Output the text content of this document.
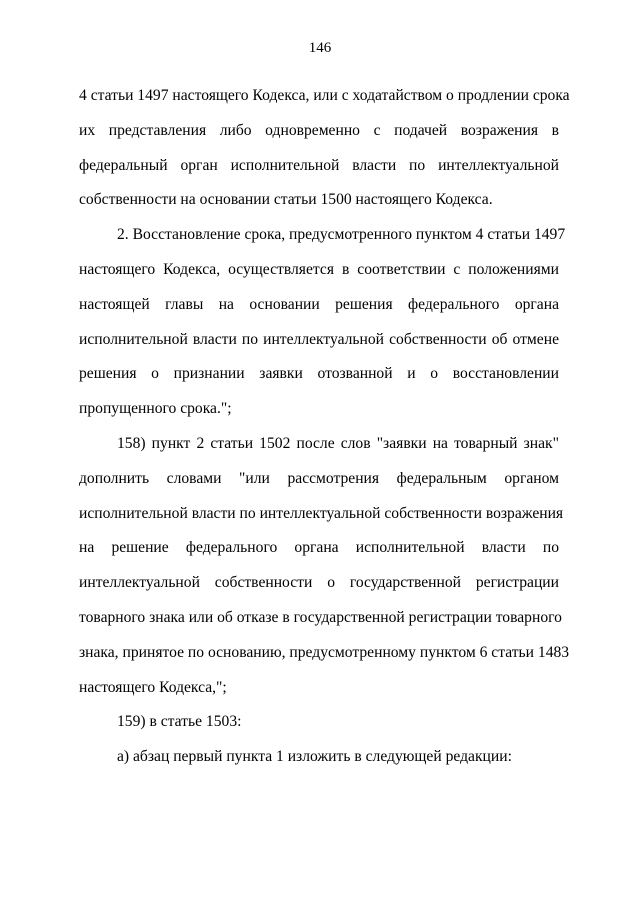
146
4 статьи 1497 настоящего Кодекса, или с ходатайством о продлении срока
их представления либо одновременно с подачей возражения в
федеральный орган исполнительной власти по интеллектуальной
собственности на основании статьи 1500 настоящего Кодекса.
2. Восстановление срока, предусмотренного пунктом 4 статьи 1497
настоящего Кодекса, осуществляется в соответствии с положениями
настоящей главы на основании решения федерального органа
исполнительной власти по интеллектуальной собственности об отмене
решения о признании заявки отозванной и о восстановлении
пропущенного срока.";
158) пункт 2 статьи 1502 после слов "заявки на товарный знак"
дополнить словами "или рассмотрения федеральным органом
исполнительной власти по интеллектуальной собственности возражения
на решение федерального органа исполнительной власти по
интеллектуальной собственности о государственной регистрации
товарного знака или об отказе в государственной регистрации товарного
знака, принятое по основанию, предусмотренному пунктом 6 статьи 1483
настоящего Кодекса,";
159) в статье 1503:
а) абзац первый пункта 1 изложить в следующей редакции:
